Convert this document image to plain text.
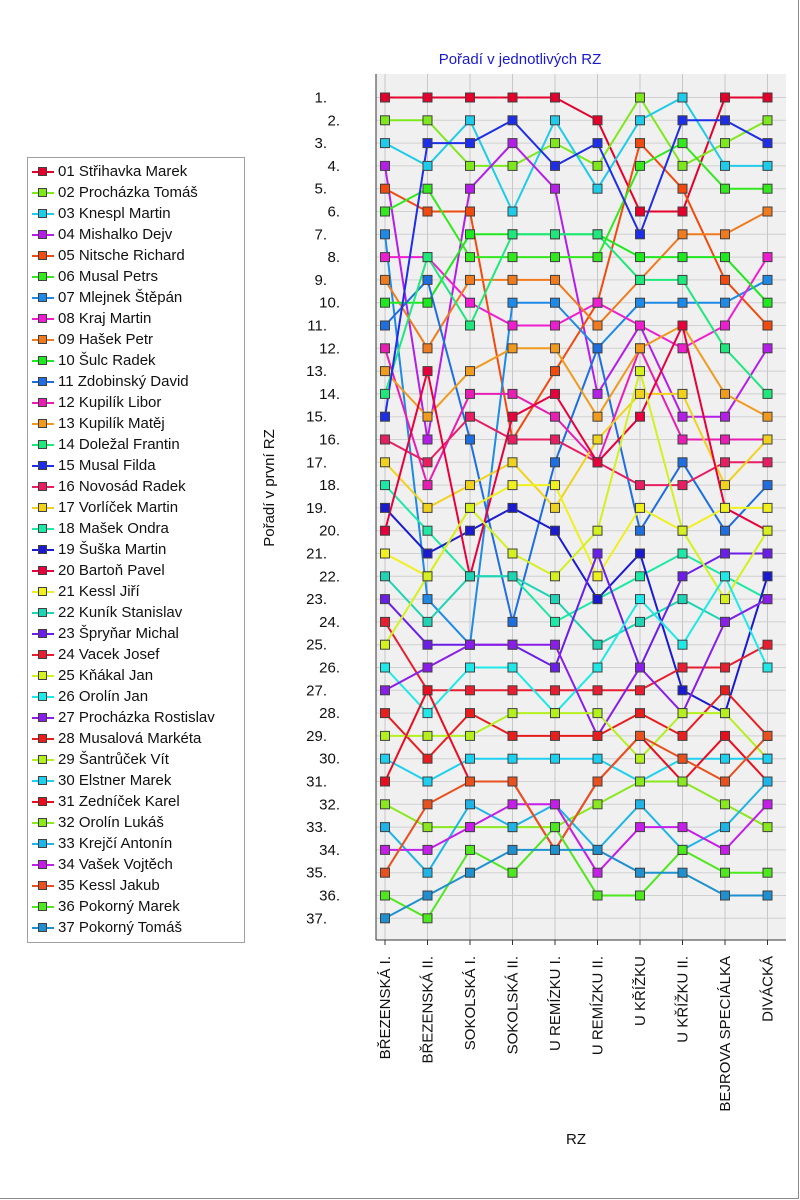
1.
2.
3.
4.
5.
6.
7.
8.
9.
10.
11.
12.
13.
14.
15.
16.
17.
18.
19.
20.
21.
22.
23.
24.
25.
26.
27.
28.
29.
30.
31.
32.
33.
34.
35.
36.
37.
BŘEZENSKÁ I. BŘEZENSKÁ II. SOKOLSKÁ I. SOKOLSKÁ II. U REMÍZKU I. U REMÍZKU II. U KŘÍŽKU U KŘÍŽKU II. BEJROVA SPECIÁLKA DIVÁCKÁ
Pořadí v jednotlivých RZ
Pořadí v první RZ
RZ
01 Střihavka Marek
02 Procházka Tomáš
03 Knespl Martin
04 Mishalko Dejv
05 Nitsche Richard
06 Musal Petrs
07 Mlejnek Štěpán
08 Kraj Martin
09 Hašek Petr
10 Šulc Radek
11 Zdobinský David
12 Kupilík Libor
13 Kupilík Matěj
14 Doležal Frantin
15 Musal Filda
16 Novosád Radek
17 Vorlíček Martin
18 Mašek Ondra
19 Šuška Martin
20 Bartoň Pavel
21 Kessl Jiří
22 Kuník Stanislav
23 Špryňar Michal
24 Vacek Josef
25 Kňákal Jan
26 Orolín Jan
27 Procházka Rostislav
28 Musalová Markéta
29 Šantrůček Vít
30 Elstner Marek
31 Zedníček Karel
32 Orolín Lukáš
33 Krejčí Antonín
34 Vašek Vojtěch
35 Kessl Jakub
36 Pokorný Marek
37 Pokorný Tomáš
